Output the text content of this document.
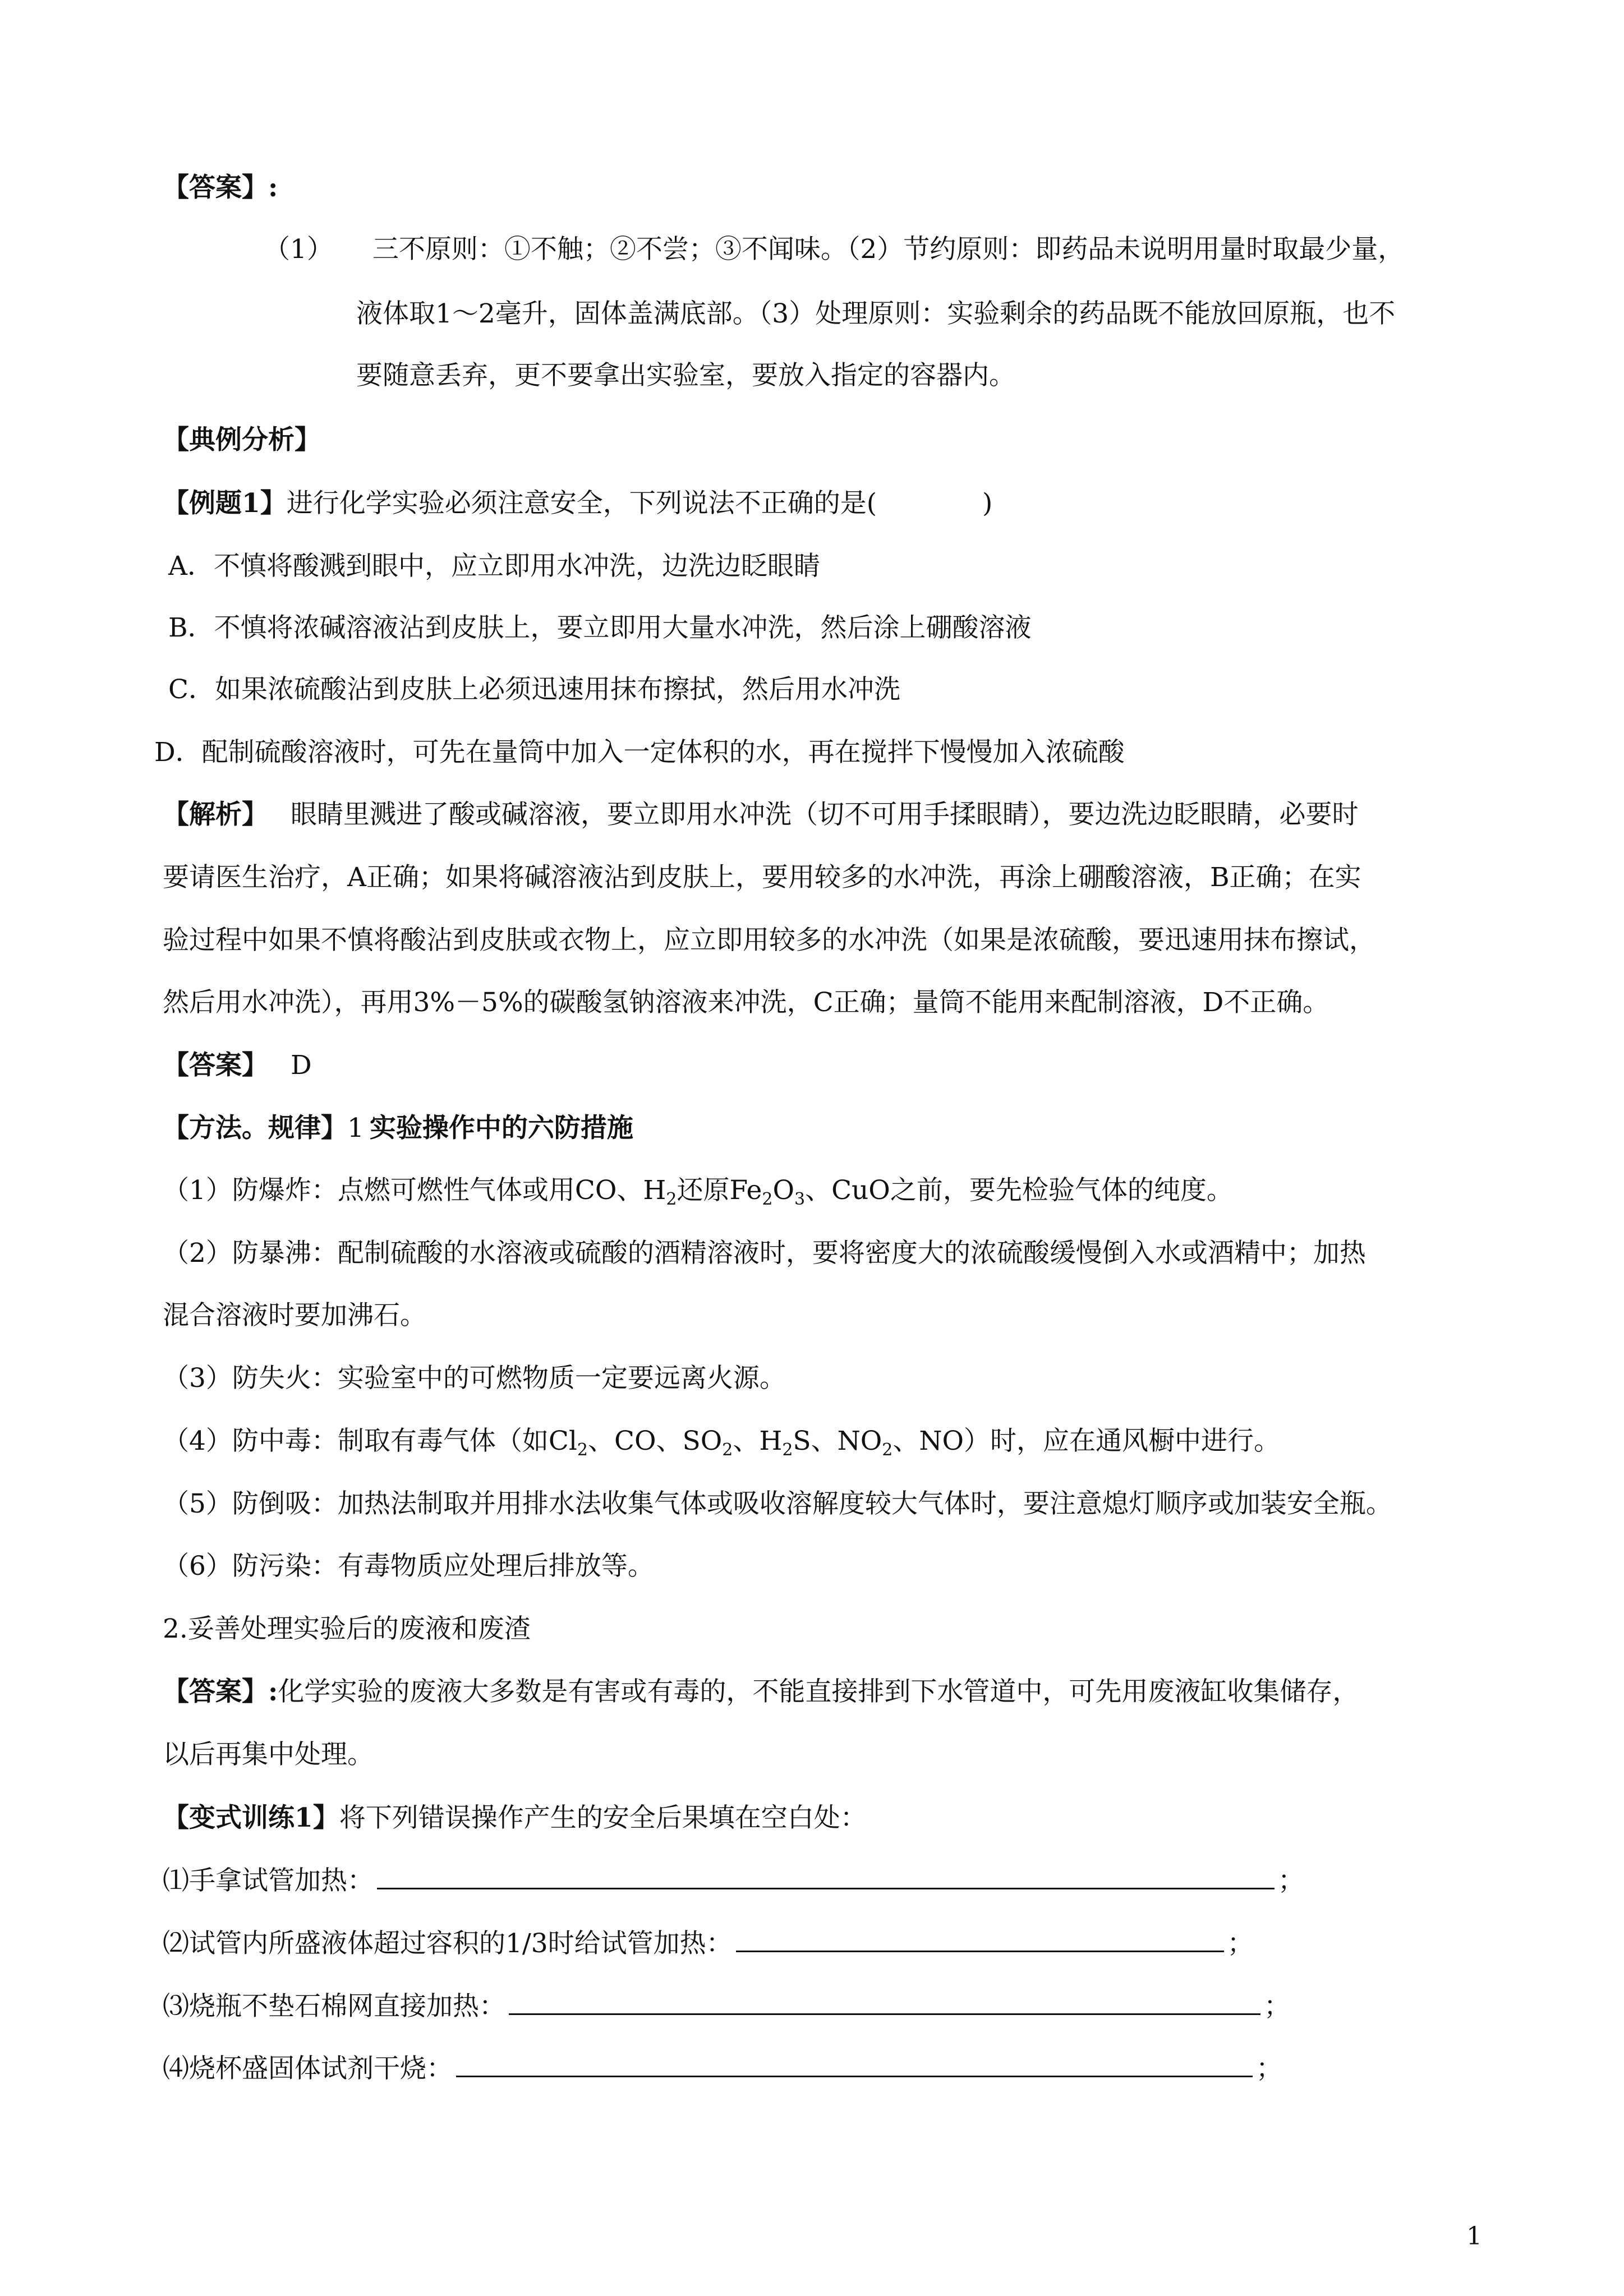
【答案】:
（1） 三不原则：①不触；②不尝；③不闻味。（2）节约原则：即药品未说明用量时取最少量，
液体取1～2毫升，固体盖满底部。（3）处理原则：实验剩余的药品既不能放回原瓶，也不
要随意丢弃，更不要拿出实验室，要放入指定的容器内。
【典例分析】
【例题1】进行化学实验必须注意安全，下列说法不正确的是(　　　　)
A．不慎将酸溅到眼中，应立即用水冲洗，边洗边眨眼睛
B．不慎将浓碱溶液沾到皮肤上，要立即用大量水冲洗，然后涂上硼酸溶液
C．如果浓硫酸沾到皮肤上必须迅速用抹布擦拭，然后用水冲洗
D．配制硫酸溶液时，可先在量筒中加入一定体积的水，再在搅拌下慢慢加入浓硫酸
【解析】 眼睛里溅进了酸或碱溶液，要立即用水冲洗（切不可用手揉眼睛），要边洗边眨眼睛，必要时
要请医生治疗，A正确；如果将碱溶液沾到皮肤上，要用较多的水冲洗，再涂上硼酸溶液，B正确；在实
验过程中如果不慎将酸沾到皮肤或衣物上，应立即用较多的水冲洗（如果是浓硫酸，要迅速用抹布擦试，
然后用水冲洗），再用3%－5%的碳酸氢钠溶液来冲洗，C正确；量筒不能用来配制溶液，D不正确。
【答案】 D
【方法。规律】1 实验操作中的六防措施
（1）防爆炸：点燃可燃性气体或用CO、$H_2$还原$Fe_2O_3$、CuO之前，要先检验气体的纯度。
（2）防暴沸：配制硫酸的水溶液或硫酸的酒精溶液时，要将密度大的浓硫酸缓慢倒入水或酒精中；加热
混合溶液时要加沸石。
（3）防失火：实验室中的可燃物质一定要远离火源。
（4）防中毒：制取有毒气体（如$Cl_2$、CO、$SO_2$、$H_2S$、$NO_2$、NO）时，应在通风橱中进行。
（5）防倒吸：加热法制取并用排水法收集气体或吸收溶解度较大气体时，要注意熄灯顺序或加装安全瓶。
（6）防污染：有毒物质应处理后排放等。
2.妥善处理实验后的废液和废渣
【答案】:化学实验的废液大多数是有害或有毒的，不能直接排到下水管道中，可先用废液缸收集储存，
以后再集中处理。
【变式训练1】将下列错误操作产生的安全后果填在空白处：
⑴手拿试管加热：	；
⑵试管内所盛液体超过容积的1/3时给试管加热：	；
⑶烧瓶不垫石棉网直接加热：	；
⑷烧杯盛固体试剂干烧：	；
1
